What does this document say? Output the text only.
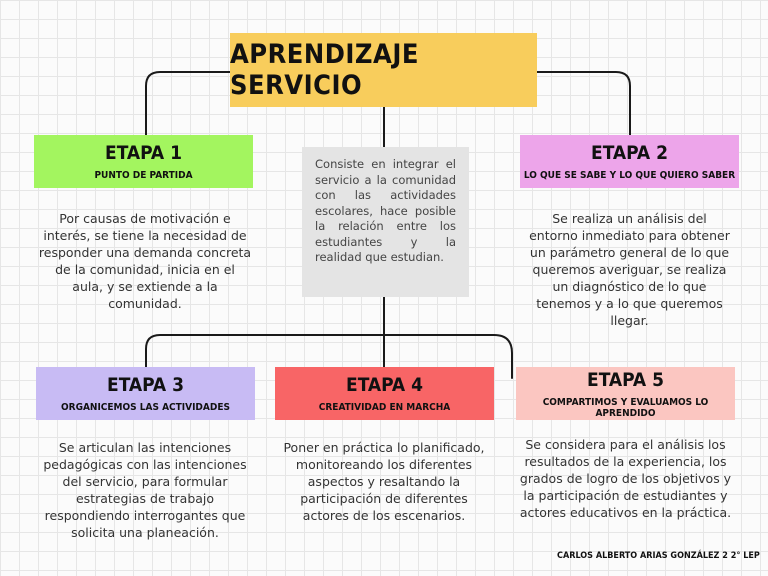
APRENDIZAJE SERVICIO
Consiste en integrar el servicio a la comunidad con las actividades escolares, hace posible la relación entre los estudiantes y la realidad que estudian.
ETAPA 1
PUNTO DE PARTIDA
Por causas de motivación e interés, se tiene la necesidad de responder una demanda concreta de la comunidad, inicia en el aula, y se extiende a la comunidad.
ETAPA 2
LO QUE SE SABE Y LO QUE QUIERO SABER
Se realiza un análisis del entorno inmediato para obtener un parámetro general de lo que queremos averiguar, se realiza un diagnóstico de lo que tenemos y a lo que queremos llegar.
ETAPA 3
ORGANICEMOS LAS ACTIVIDADES
Se articulan las intenciones pedagógicas con las intenciones del servicio, para formular estrategias de trabajo respondiendo interrogantes que solicita una planeación.
ETAPA 4
CREATIVIDAD EN MARCHA
Poner en práctica lo planificado, monitoreando los diferentes aspectos y resaltando la participación de diferentes actores de los escenarios.
ETAPA 5
COMPARTIMOS Y EVALUAMOS LO APRENDIDO
Se considera para el análisis los resultados de la experiencia, los grados de logro de los objetivos y la participación de estudiantes y actores educativos en la práctica.
CARLOS ALBERTO ARIAS GONZÁLEZ 2 2° LEP
